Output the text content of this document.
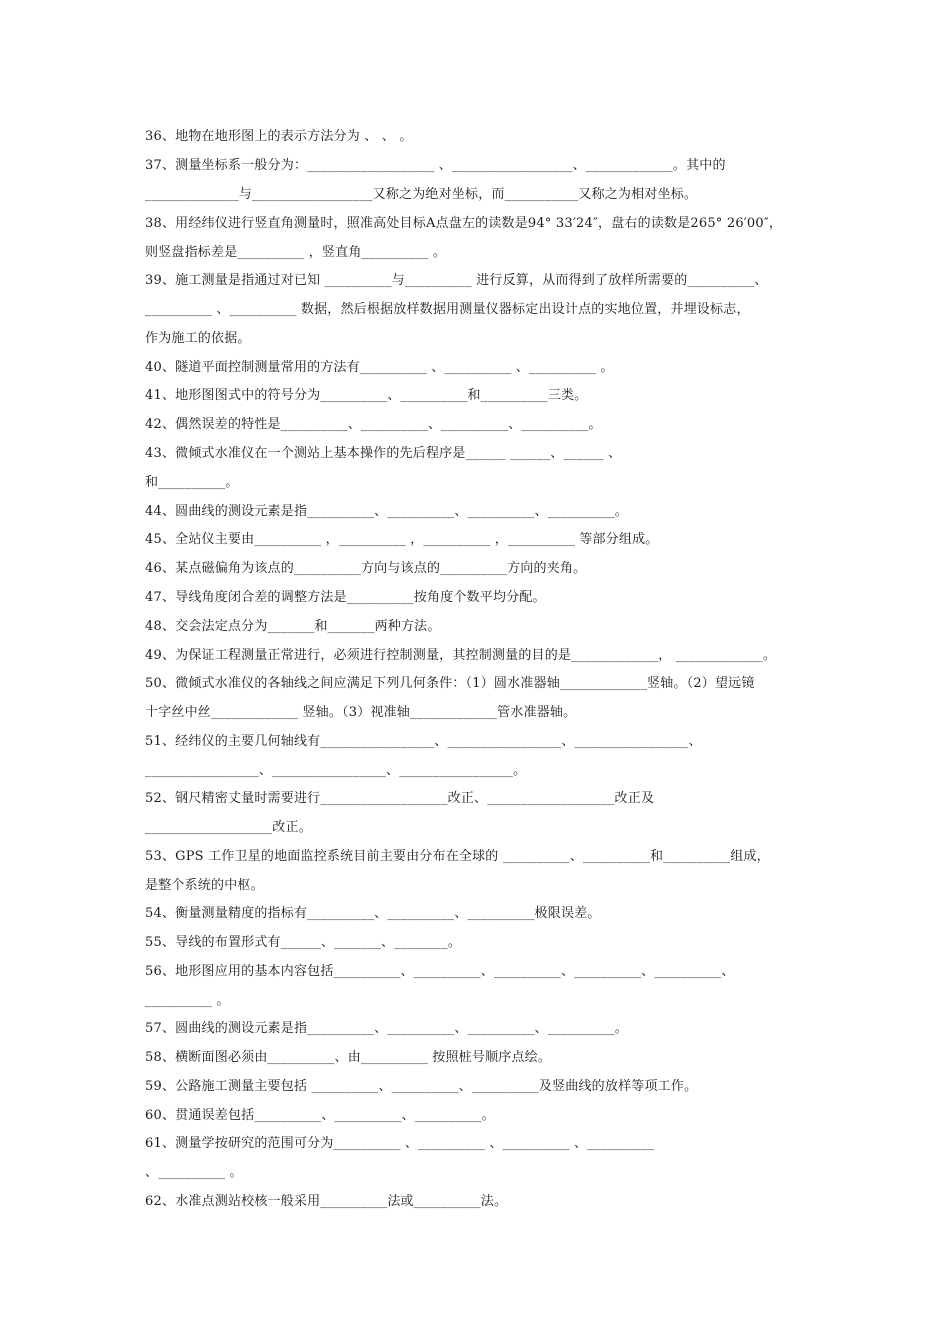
36、地物在地形图上的表示方法分为 、 、 。
37、测量坐标系一般分为：___________________ 、__________________、_____________。其中的
______________与__________________又称之为绝对坐标，而___________又称之为相对坐标。
38、用经纬仪进行竖直角测量时，照准高处目标A点盘左的读数是94° 33′24″，盘右的读数是265° 26′00″，
则竖盘指标差是__________ ，竖直角__________ 。
39、施工测量是指通过对已知 __________与__________ 进行反算，从而得到了放样所需要的__________、
__________ 、__________ 数据，然后根据放样数据用测量仪器标定出设计点的实地位置，并埋设标志，
作为施工的依据。
40、隧道平面控制测量常用的方法有__________ 、__________ 、__________ 。
41、地形图图式中的符号分为__________、__________和__________三类。
42、偶然误差的特性是__________、__________、__________、__________。
43、微倾式水准仪在一个测站上基本操作的先后程序是______ ______、______ 、
和__________。
44、圆曲线的测设元素是指__________、__________、__________、__________。
45、全站仪主要由__________ ，__________ ，__________ ，__________ 等部分组成。
46、某点磁偏角为该点的__________方向与该点的__________方向的夹角。
47、导线角度闭合差的调整方法是__________按角度个数平均分配。
48、交会法定点分为_______和_______两种方法。
49、为保证工程测量正常进行，必须进行控制测量，其控制测量的目的是_____________， _____________。
50、微倾式水准仪的各轴线之间应满足下列几何条件：（1）圆水准器轴_____________竖轴。（2）望远镜
十字丝中丝_____________ 竖轴。（3）视准轴_____________管水准器轴。
51、经纬仪的主要几何轴线有_________________、_________________、_________________、
_________________、_________________、_________________。
52、钢尺精密丈量时需要进行___________________改正、___________________改正及
___________________改正。
53、GPS 工作卫星的地面监控系统目前主要由分布在全球的 __________、__________和__________组成，
是整个系统的中枢。
54、衡量测量精度的指标有__________、__________、__________极限误差。
55、导线的布置形式有______、_______、________。
56、地形图应用的基本内容包括__________、__________、__________、__________、__________、
__________ 。
57、圆曲线的测设元素是指__________、__________、__________、__________。
58、横断面图必须由__________、由__________ 按照桩号顺序点绘。
59、公路施工测量主要包括 __________、__________、__________及竖曲线的放样等项工作。
60、贯通误差包括__________、__________、__________。
61、测量学按研究的范围可分为__________ 、__________ 、__________ 、__________
、__________ 。
62、水准点测站校核一般采用__________法或__________法。
